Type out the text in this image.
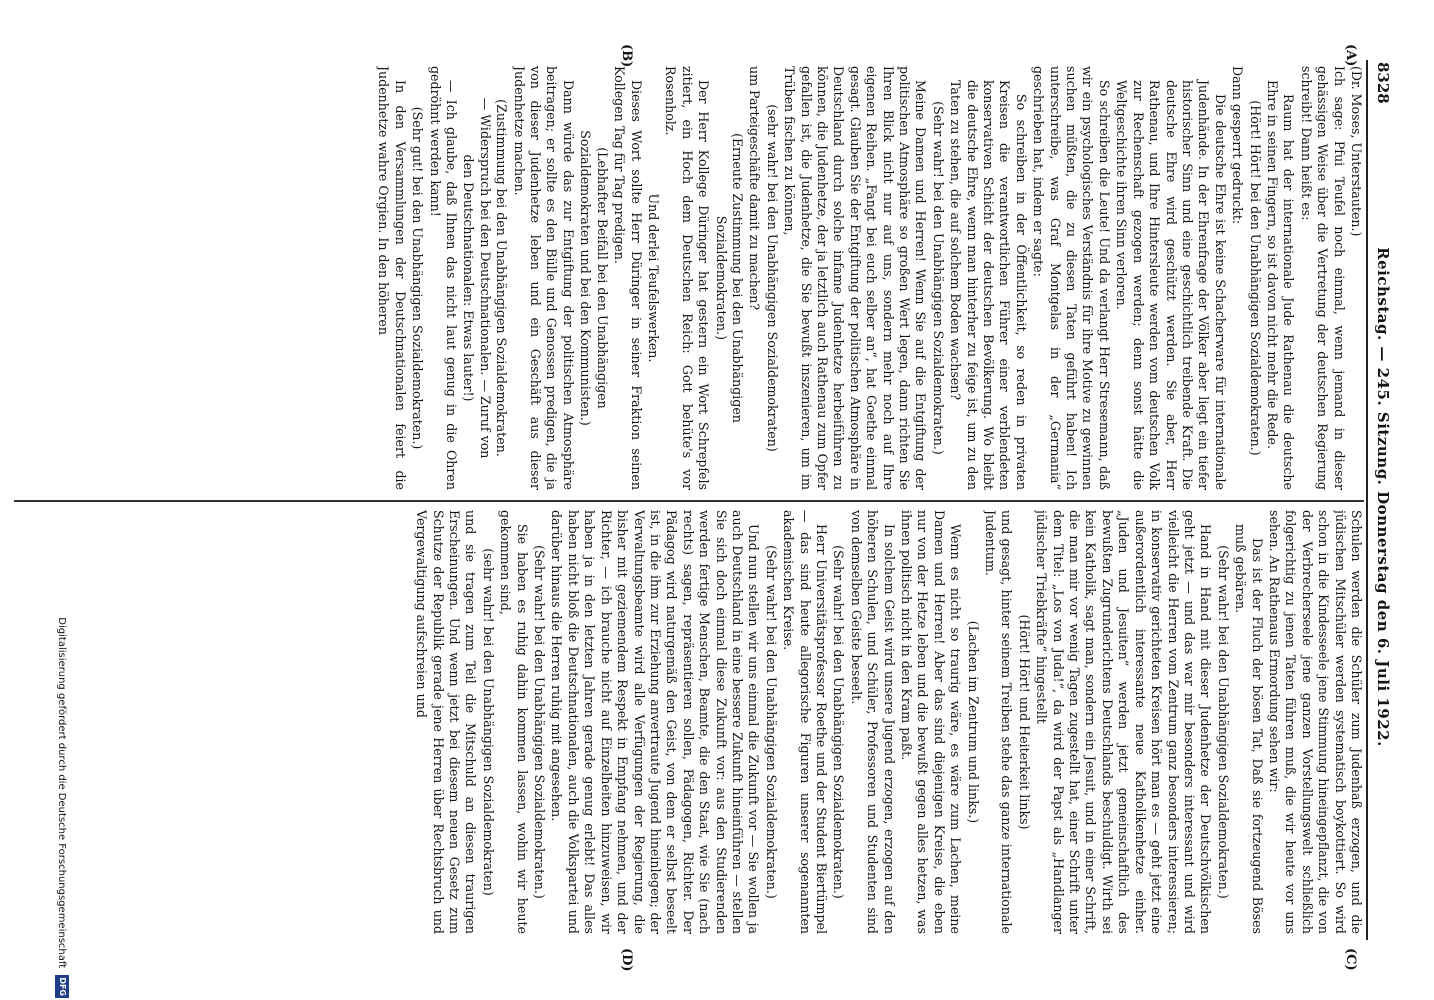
8328
Reichstag. — 245. Sitzung. Donnerstag den 6. Juli 1922.
(A)
(B)
(C)
(D)

(Dr. Moses, Unterstauten.)

Ich sage: Pfui Teufel noch einmal, wenn jemand in dieser gehässigen Weise über die Vertretung der deutschen Regierung schreibt! Dann heißt es:

Raum hat der internationale Jude Rathenau die deutsche Ehre in seinen Fingern, so ist davon nicht mehr die Rede.

(Hört! Hört! bei den Unabhängigen Sozialdemokraten.)

Dann gesperrt gedruckt:

Die deutsche Ehre ist keine Schacherware für internationale Judenhände. In der Ehrenfrage der Völker aber liegt ein tiefer historischer Sinn und eine geschichtlich treibende Kraft. Die deutsche Ehre wird geschützt werden. Sie aber, Herr Rathenau, und Ihre Hintersleute werden vom deutschen Volk zur Rechenschaft gezogen werden; denn sonst hätte die Weltgeschichte ihren Sinn verloren.

So schreiben die Leute! Und da verlangt Herr Stresemann, daß wir ein psychologisches Verständnis für ihre Motive zu gewinnen suchen müßten, die zu diesen Taten geführt haben! Ich unterschreibe, was Graf Montgelas in der „Germania“ geschrieben hat, indem er sagte:

So schreiben in der Öffentlichkeit, so reden in privaten Kreisen die verantwortlichen Führer einer verblendeten konservativen Schicht der deutschen Bevölkerung. Wo bleibt die deutsche Ehre, wenn man hinterher zu feige ist, um zu den Taten zu stehen, die auf solchem Boden wachsen?

(Sehr wahr! bei den Unabhängigen Sozialdemokraten.)

Meine Damen und Herren! Wenn Sie auf die Entgiftung der politischen Atmosphäre so großen Wert legen, dann richten Sie Ihren Blick nicht nur auf uns, sondern mehr noch auf Ihre eigenen Reihen. „Fangt bei euch selber an“, hat Goethe einmal gesagt. Glauben Sie der Entgiftung der politischen Atmosphäre in Deutschland durch solche infame Judenhetze herbeiführen zu können, die Judenhetze, der ja letztlich auch Rathenau zum Opfer gefallen ist, die Judenhetze, die Sie bewußt inszenieren, um im Trüben fischen zu können,

(sehr wahr! bei den Unabhängigen Sozialdemokraten)

um Parteigeschäfte damit zu machen?

(Erneute Zustimmung bei den Unabhängigen Sozialdemokraten.)

Der Herr Kollege Düringer hat gestern ein Wort Schrepfels zitiert, ein Hoch dem Deutschen Reich: Gott behüte's vor Rosenholz.

Und derlei Teufelswerken.

Dieses Wort sollte Herr Düringer in seiner Fraktion seinen Kollegen Tag für Tag predigen.

(Lebhafter Beifall bei den Unabhängigen Sozialdemokraten und bei den Kommunisten.)

Dann würde das zur Entgiftung der politischen Atmosphäre beitragen; er sollte es den Bülle und Genossen predigen, die ja von dieser Judenhetze leben und ein Geschäft aus dieser Judenhetze machen.

(Zustimmung bei den Unabhängigen Sozialdemokraten. — Widerspruch bei den Deutschnationalen. — Zuruf von den Deutschnationalen: Etwas lauter!)

— Ich glaube, daß Ihnen das nicht laut genug in die Ohren gedröhnt werden kann!

(Sehr gut! bei den Unabhängigen Sozialdemokraten.)

In den Versammlungen der Deutschnationalen feiert die Judenhetze wahre Orgien. In den höheren

Schulen werden die Schüler zum Judenhaß erzogen, und die jüdischen Mitschüler werden systematisch boykottiert. So wird schon in die Kindesseele jene Stimmung hineingepflanzt, die von der Verbrecherseele jene ganzen Vorstellungswelt schließlich folgerichtig zu jenen Taten führen muß, die wir heute vor uns sehen. An Rathenaus Ermordung sehen wir:

Das ist der Fluch der bösen Tat, Daß sie fortzeugend Böses muß gebären.

(Sehr wahr! bei den Unabhängigen Sozialdemokraten.)

Hand in Hand mit dieser Judenhetze der Deutschvölkischen geht jetzt — und das war mir besonders interessant und wird vielleicht die Herren vom Zentrum ganz besonders interessieren; in konservativ gerichteten Kreisen hört man es — geht jetzt eine außerordentlich interessante neue Katholikenhetze einher. „Juden und Jesuiten“ werden jetzt gemeinschaftlich des bewußten Zugrunderichtens Deutschlands beschuldigt. Wirth sei kein Katholik, sagt man, sondern ein Jesuit, und in einer Schrift, die man mir vor wenig Tagen zugestellt hat, einer Schrift unter dem Titel: „Los von Juda!“, da wird der Papst als „Handlanger jüdischer Triebkräfte“ hingestellt

(Hört! Hört! und Heiterkeit links)

und gesagt, hinter seinem Treiben stehe das ganze internationale Judentum.

(Lachen im Zentrum und links.)

Wenn es nicht so traurig wäre, es wäre zum Lachen, meine Damen und Herren! Aber das sind diejenigen Kreise, die eben nur von der Hetze leben und die bewußt gegen alles hetzen, was ihnen politisch nicht in den Kram paßt.

In solchem Geist wird unsere Jugend erzogen, erzogen auf den höheren Schulen, und Schüler, Professoren und Studenten sind von demselben Geiste beseelt.

(Sehr wahr! bei den Unabhängigen Sozialdemokraten.)

Herr Universitätsprofessor Roethe und der Student Biertümpel — das sind heute allegorische Figuren unserer sogenannten akademischen Kreise.

(Sehr wahr! bei den Unabhängigen Sozialdemokraten.)

Und nun stellen wir uns einmal die Zukunft vor — Sie wollen ja auch Deutschland in eine bessere Zukunft hineinführen — stellen Sie sich doch einmal diese Zukunft vor: aus den Studierenden werden fertige Menschen, Beamte, die den Staat, wie Sie (nach rechts) sagen, repräsentieren sollen, Pädagogen, Richter. Der Pädagog wird naturgemäß den Geist, von dem er selbst beseelt ist, in die ihm zur Erziehung anvertraute Jugend hineinlegen; der Verwaltungsbeamte wird alle Verfügungen der Regierung, die bisher mit geziemendem Respekt in Empfang nehmen, und der Richter, — ich brauche nicht auf Einzelheiten hinzuweisen, wir haben ja in den letzten Jahren gerade genug erlebt! Das alles haben nicht bloß die Deutschnationalen, auch die Volkspartei und darüber hinaus die Herren ruhig mit angesehen.

(Sehr wahr! bei den Unabhängigen Sozialdemokraten.)

Sie haben es ruhig dahin kommen lassen, wohin wir heute gekommen sind,

(sehr wahr! bei den Unabhängigen Sozialdemokraten)

und sie tragen zum Teil die Mitschuld an diesen traurigen Erscheinungen. Und wenn jetzt bei diesem neuen Gesetz zum Schutze der Republik gerade jene Herren über Rechtsbruch und Vergewaltigung aufschreien und

Digitalisierung gefördert durch die Deutsche Forschungsgemeinschaft DFG
